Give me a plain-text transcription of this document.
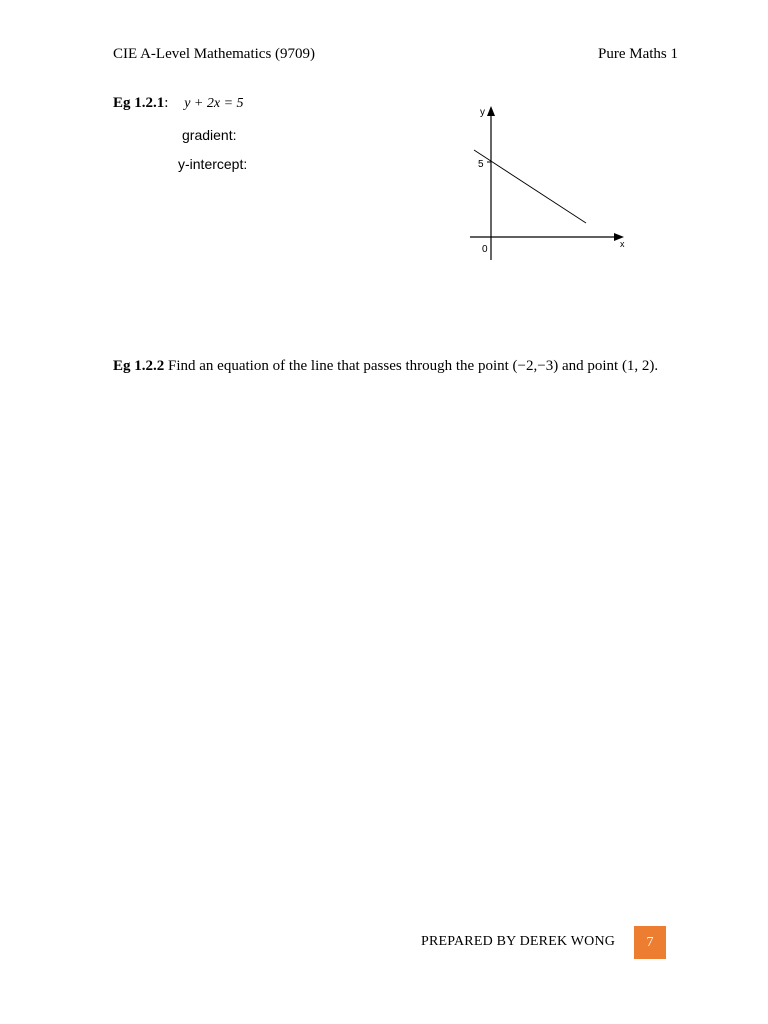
CIE A-Level Mathematics (9709)	Pure Maths 1
Eg 1.2.1: y + 2x = 5
gradient:
y-intercept:
y
x
0
5
Eg 1.2.2 Find an equation of the line that passes through the point (−2,−3) and point (1, 2).
PREPARED BY DEREK WONG 7
